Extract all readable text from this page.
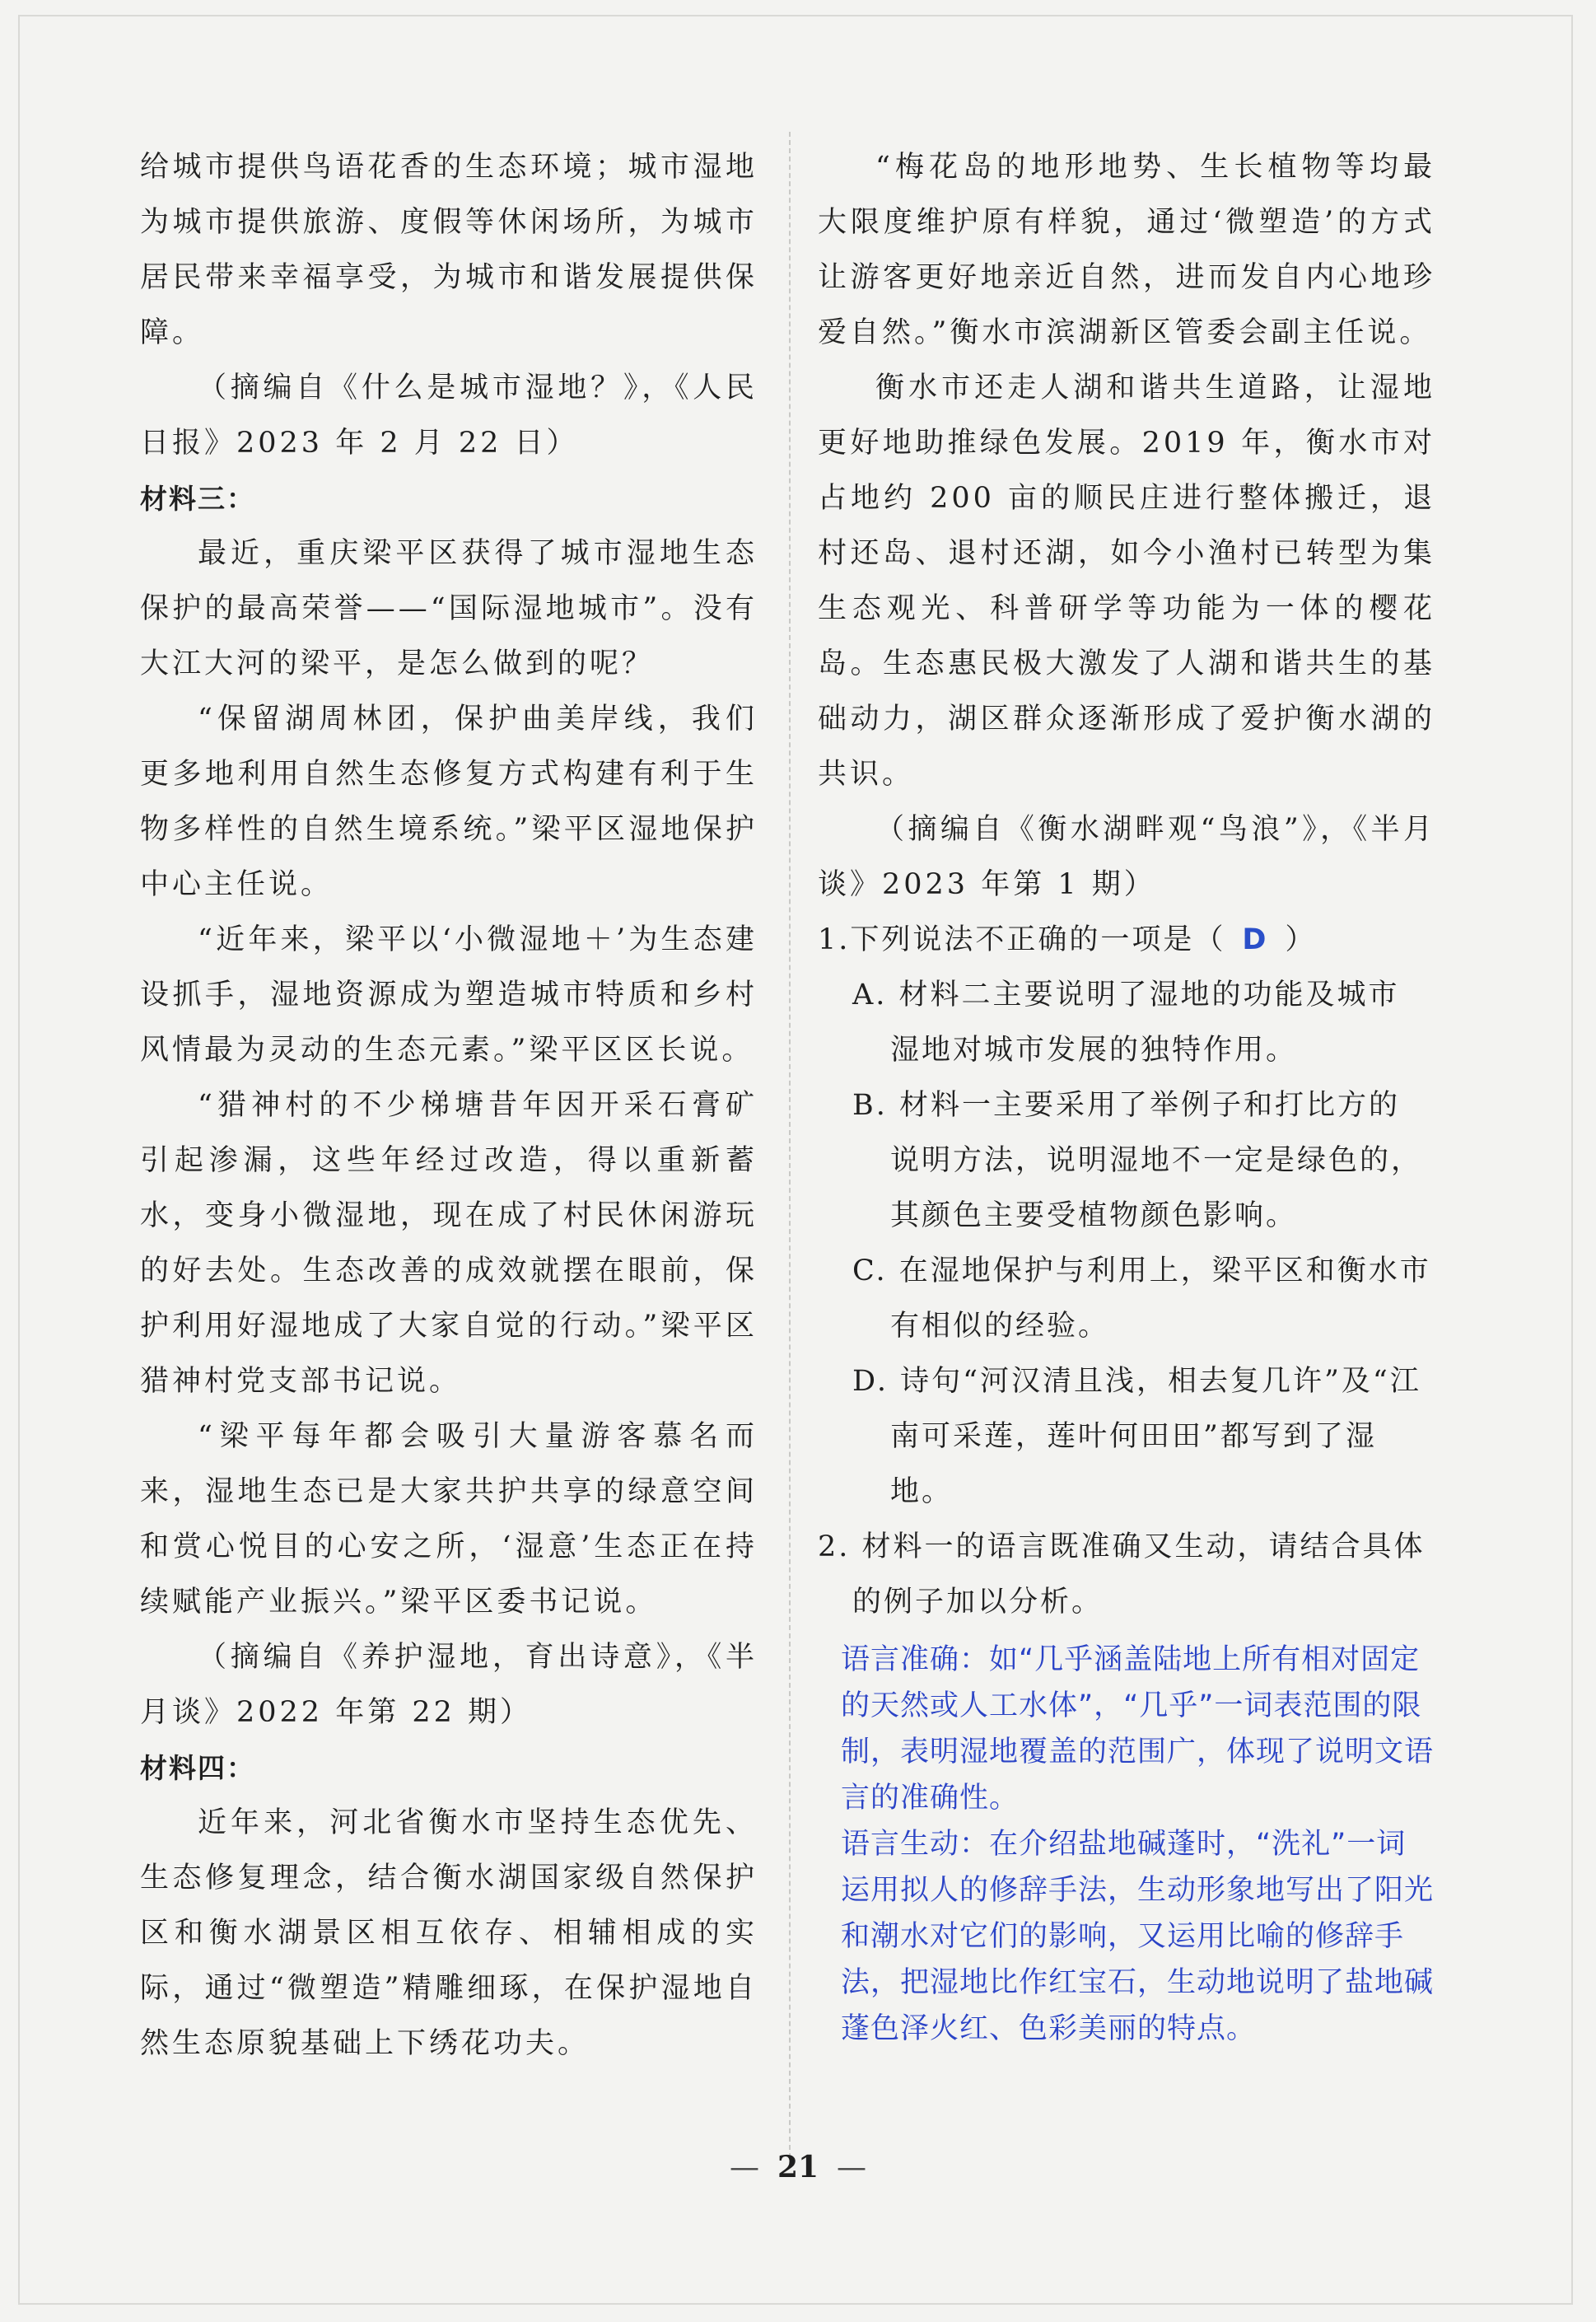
给城市提供鸟语花香的生态环境；城市湿地为城市提供旅游、度假等休闲场所，为城市居民带来幸福享受，为城市和谐发展提供保障。

（摘编自《什么是城市湿地？》，《人民日报》2023 年 2 月 22 日）

材料三：

最近，重庆梁平区获得了城市湿地生态保护的最高荣誉——“国际湿地城市”。没有大江大河的梁平，是怎么做到的呢？

“保留湖周林团，保护曲美岸线，我们更多地利用自然生态修复方式构建有利于生物多样性的自然生境系统。”梁平区湿地保护中心主任说。

“近年来，梁平以‘小微湿地＋’为生态建设抓手，湿地资源成为塑造城市特质和乡村风情最为灵动的生态元素。”梁平区区长说。

“猎神村的不少梯塘昔年因开采石膏矿引起渗漏，这些年经过改造，得以重新蓄水，变身小微湿地，现在成了村民休闲游玩的好去处。生态改善的成效就摆在眼前，保护利用好湿地成了大家自觉的行动。”梁平区猎神村党支部书记说。

“梁平每年都会吸引大量游客慕名而来，湿地生态已是大家共护共享的绿意空间和赏心悦目的心安之所，‘湿意’生态正在持续赋能产业振兴。”梁平区委书记说。

（摘编自《养护湿地，育出诗意》，《半月谈》2022 年第 22 期）

材料四：

近年来，河北省衡水市坚持生态优先、生态修复理念，结合衡水湖国家级自然保护区和衡水湖景区相互依存、相辅相成的实际，通过“微塑造”精雕细琢，在保护湿地自然生态原貌基础上下绣花功夫。

“梅花岛的地形地势、生长植物等均最大限度维护原有样貌，通过‘微塑造’的方式让游客更好地亲近自然，进而发自内心地珍爱自然。”衡水市滨湖新区管委会副主任说。

衡水市还走人湖和谐共生道路，让湿地更好地助推绿色发展。2019 年，衡水市对占地约 200 亩的顺民庄进行整体搬迁，退村还岛、退村还湖，如今小渔村已转型为集生态观光、科普研学等功能为一体的樱花岛。生态惠民极大激发了人湖和谐共生的基础动力，湖区群众逐渐形成了爱护衡水湖的共识。

（摘编自《衡水湖畔观“鸟浪”》，《半月谈》2023 年第 1 期）

1.下列说法不正确的一项是（ D ）

A. 材料二主要说明了湿地的功能及城市

湿地对城市发展的独特作用。

B. 材料一主要采用了举例子和打比方的

说明方法，说明湿地不一定是绿色的，

其颜色主要受植物颜色影响。

C. 在湿地保护与利用上，梁平区和衡水市

有相似的经验。

D. 诗句“河汉清且浅，相去复几许”及“江

南可采莲，莲叶何田田”都写到了湿地。

2. 材料一的语言既准确又生动，请结合具体

的例子加以分析。

语言准确：如“几乎涵盖陆地上所有相对固定的天然或人工水体”，“几乎”一词表范围的限制，表明湿地覆盖的范围广，体现了说明文语言的准确性。

语言生动：在介绍盐地碱蓬时，“洗礼”一词运用拟人的修辞手法，生动形象地写出了阳光和潮水对它们的影响，又运用比喻的修辞手法，把湿地比作红宝石，生动地说明了盐地碱蓬色泽火红、色彩美丽的特点。

— 21 —
